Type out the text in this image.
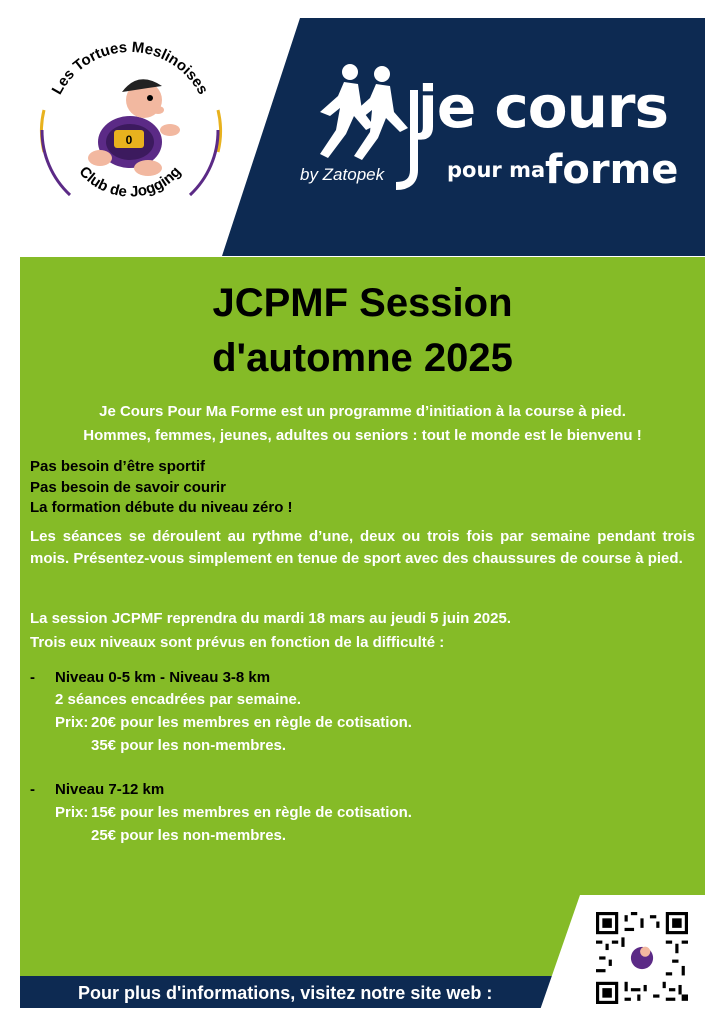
Les Tortues Meslinoises
Club de Jogging
0	je cours
by Zatopek	pour ma forme
JCPMF Session
d'automne 2025
Je Cours Pour Ma Forme est un programme d’initiation à la course à pied.
Hommes, femmes, jeunes, adultes ou seniors : tout le monde est le bienvenu !
Pas besoin d’être sportif
Pas besoin de savoir courir
La formation débute du niveau zéro !
Les séances se déroulent au rythme d’une, deux ou trois fois par semaine pendant trois mois. Présentez-vous simplement en tenue de sport avec des chaussures de course à pied.
La session JCPMF reprendra du mardi 18 mars au jeudi 5 juin 2025.
Trois eux niveaux sont prévus en fonction de la difficulté :
- Niveau 0-5 km - Niveau 3-8 km
2 séances encadrées par semaine.
Prix: 20€ pour les membres en règle de cotisation.
35€ pour les non-membres.
- Niveau 7-12 km
Prix: 15€ pour les membres en règle de cotisation.
25€ pour les non-membres.
Pour plus d'informations, visitez notre site web :
